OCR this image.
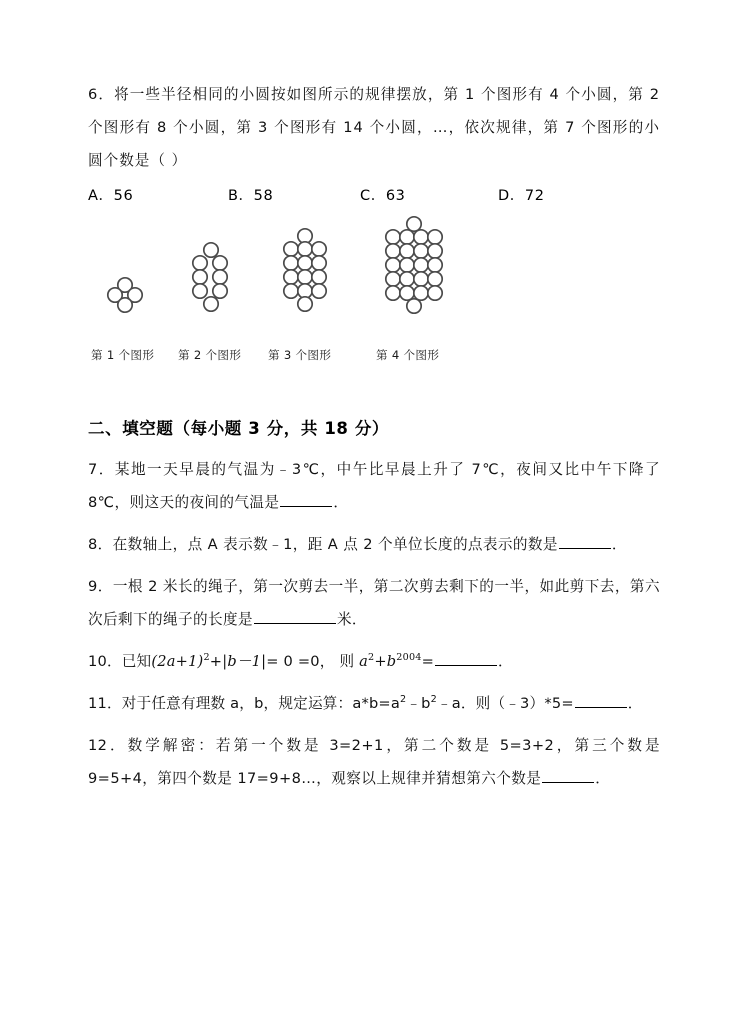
6．将一些半径相同的小圆按如图所示的规律摆放，第 1 个图形有 4 个小圆，第 2 个图形有 8 个小圆，第 3 个图形有 14 个小圆，…，依次规律，第 7 个图形的小圆个数是（ ）
A．56	B．58	C．63	D．72
第 1 个图形 第 2 个图形 第 3 个图形	第 4 个图形
二、填空题（每小题 3 分，共 18 分）
7．某地一天早晨的气温为﹣3℃，中午比早晨上升了 7℃，夜间又比中午下降了 8℃，则这天的夜间的气温是	．
8．在数轴上，点 A 表示数﹣1，距 A 点 2 个单位长度的点表示的数是	．
9．一根 2 米长的绳子，第一次剪去一半，第二次剪去剩下的一半，如此剪下去，第六次后剩下的绳子的长度是	米．
10．已知$(2a+1)^2+|b-1|= 0 =0$， 则 $a^2+b^{2004}=$	．
11．对于任意有理数 a，b，规定运算：$a*b=a^2﹣b^2﹣a$．则（﹣3）*5=	．
12．数学解密：若第一个数是 3=2+1，第二个数是 5=3+2，第三个数是 9=5+4，第四个数是 17=9+8…，观察以上规律并猜想第六个数是	．
